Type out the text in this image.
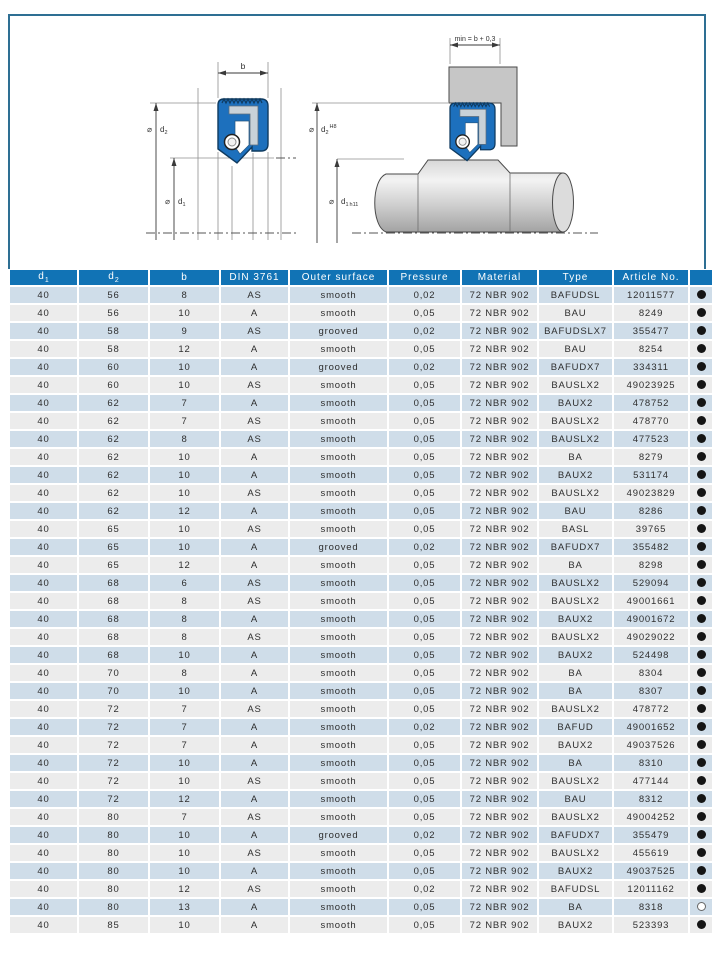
b
⌀ $d_2$
⌀ $d_1$
min = b + 0,3
⌀ $d_2^{H8}$
⌀ $d_1h11$
$d_1$	$d_2$	b	DIN 3761	Outer surface	Pressure	Material	Type	Article No.	
40	56	8	AS	smooth	0,02	72 NBR 902	BAFUDSL	12011577	
40	56	10	A	smooth	0,05	72 NBR 902	BAU	8249	
40	58	9	AS	grooved	0,02	72 NBR 902	BAFUDSLX7	355477	
40	58	12	A	smooth	0,05	72 NBR 902	BAU	8254	
40	60	10	A	grooved	0,02	72 NBR 902	BAFUDX7	334311	
40	60	10	AS	smooth	0,05	72 NBR 902	BAUSLX2	49023925	
40	62	7	A	smooth	0,05	72 NBR 902	BAUX2	478752	
40	62	7	AS	smooth	0,05	72 NBR 902	BAUSLX2	478770	
40	62	8	AS	smooth	0,05	72 NBR 902	BAUSLX2	477523	
40	62	10	A	smooth	0,05	72 NBR 902	BA	8279	
40	62	10	A	smooth	0,05	72 NBR 902	BAUX2	531174	
40	62	10	AS	smooth	0,05	72 NBR 902	BAUSLX2	49023829	
40	62	12	A	smooth	0,05	72 NBR 902	BAU	8286	
40	65	10	AS	smooth	0,05	72 NBR 902	BASL	39765	
40	65	10	A	grooved	0,02	72 NBR 902	BAFUDX7	355482	
40	65	12	A	smooth	0,05	72 NBR 902	BA	8298	
40	68	6	AS	smooth	0,05	72 NBR 902	BAUSLX2	529094	
40	68	8	AS	smooth	0,05	72 NBR 902	BAUSLX2	49001661	
40	68	8	A	smooth	0,05	72 NBR 902	BAUX2	49001672	
40	68	8	AS	smooth	0,05	72 NBR 902	BAUSLX2	49029022	
40	68	10	A	smooth	0,05	72 NBR 902	BAUX2	524498	
40	70	8	A	smooth	0,05	72 NBR 902	BA	8304	
40	70	10	A	smooth	0,05	72 NBR 902	BA	8307	
40	72	7	AS	smooth	0,05	72 NBR 902	BAUSLX2	478772	
40	72	7	A	smooth	0,02	72 NBR 902	BAFUD	49001652	
40	72	7	A	smooth	0,05	72 NBR 902	BAUX2	49037526	
40	72	10	A	smooth	0,05	72 NBR 902	BA	8310	
40	72	10	AS	smooth	0,05	72 NBR 902	BAUSLX2	477144	
40	72	12	A	smooth	0,05	72 NBR 902	BAU	8312	
40	80	7	AS	smooth	0,05	72 NBR 902	BAUSLX2	49004252	
40	80	10	A	grooved	0,02	72 NBR 902	BAFUDX7	355479	
40	80	10	AS	smooth	0,05	72 NBR 902	BAUSLX2	455619	
40	80	10	A	smooth	0,05	72 NBR 902	BAUX2	49037525	
40	80	12	AS	smooth	0,02	72 NBR 902	BAFUDSL	12011162	
40	80	13	A	smooth	0,05	72 NBR 902	BA	8318	
40	85	10	A	smooth	0,05	72 NBR 902	BAUX2	523393	
